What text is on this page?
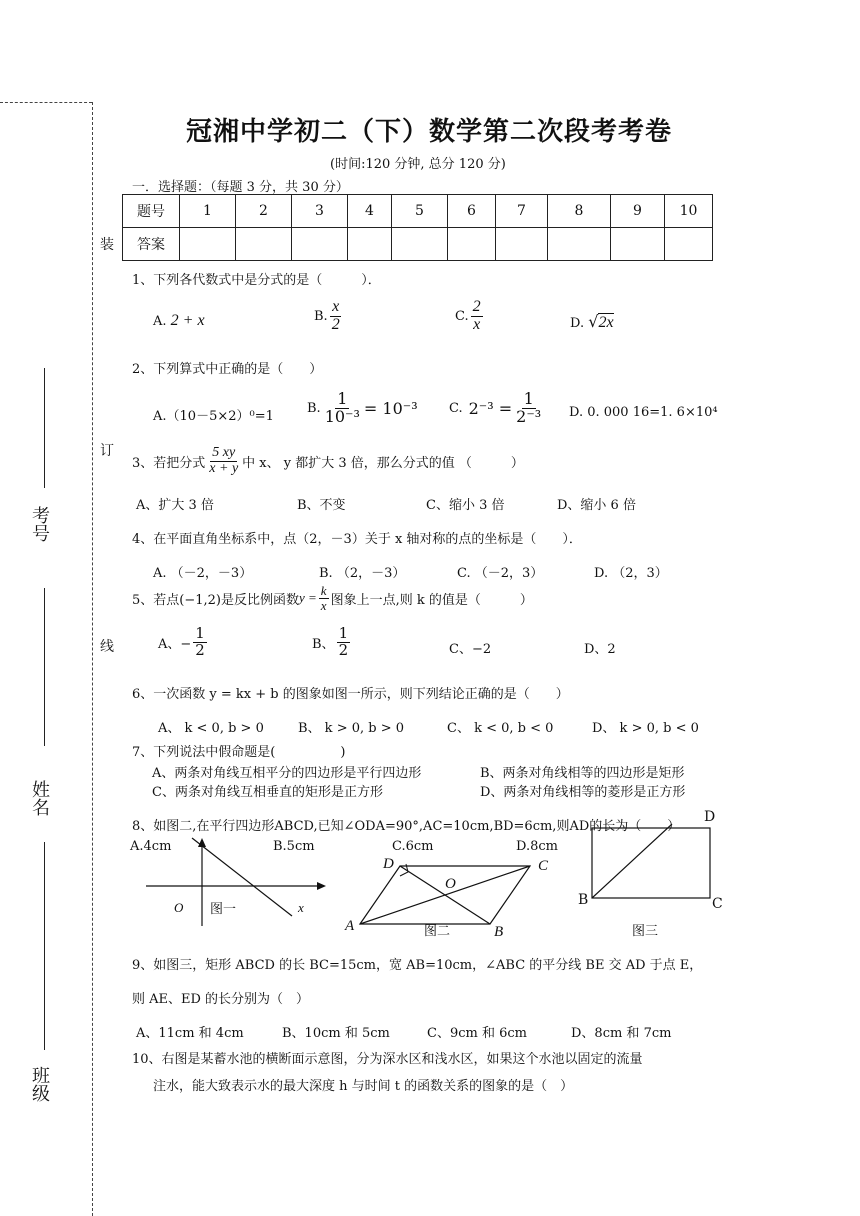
装
订
线
考号
姓名
班级
冠湘中学初二（下）数学第二次段考考卷
(时间:120 分钟, 总分 120 分)
一．选择题：（每题 3 分，共 30 分）
题号	1	2	3	4	5	6	7	8	9	10
答案										
1、下列各代数式中是分式的是（　　　）．
A. 2 + x	B. $\frac{x}{2}$	C. $\frac{2}{x}$	D. √2x
2、下列算式中正确的是（　　）
A.（10－5×2）⁰=1
B. $\frac{1}{\text{10⁻³}} = 10^{-3}$ C. $2^{-3} = \frac{1}{\text{2⁻³}} D$. 0. 000 16=1. 6×10⁴
3、若把分式 $\frac{5 xy}{x + y}$ 中 x、 y 都扩大 3 倍，那么分式的值 （　　　）
A、扩大 3 倍	B、不变	C、缩小 3 倍	D、缩小 6 倍
4、在平面直角坐标系中，点（2，－3）关于 x 轴对称的点的坐标是（　　）．
A. （－2，－3）	B. （2，－3）	C. （－2，3）	D. （2，3）
5、若点(−1,2)是反比例函数 $y = \frac{k}{x}$ 图象上一点,则 k 的值是（　　　）
A、− $\frac{1}{2}$	B、 $\frac{1}{2}$	C、−2	D、2
6、一次函数 y = kx + b 的图象如图一所示，则下列结论正确的是（　　）
A、 k < 0, b > 0	B、 k > 0, b > 0	C、 k < 0, b < 0	D、 k > 0, b < 0
7、下列说法中假命题是(　　　　　)
A、两条对角线互相平分的四边形是平行四边形	B、两条对角线相等的四边形是矩形
C、两条对角线互相垂直的矩形是正方形	D、两条对角线相等的菱形是正方形
8、如图二,在平行四边形ABCD,已知∠ODA=90°,AC=10cm,BD=6cm,则AD的长为（　　）
A.4cm	B.5cm	C.6cm	D.8cm
O 图一	x
D	C
O
A	B
图二
D
B	C
图三
9、如图三，矩形 ABCD 的长 BC=15cm，宽 AB=10cm，∠ABC 的平分线 BE 交 AD 于点 E，
则 AE、ED 的长分别为（　）
A、11cm 和 4cm	B、10cm 和 5cm	C、9cm 和 6cm	D、8cm 和 7cm
10、右图是某蓄水池的横断面示意图，分为深水区和浅水区，如果这个水池以固定的流量
注水，能大致表示水的最大深度 h 与时间 t 的函数关系的图象的是（　）
